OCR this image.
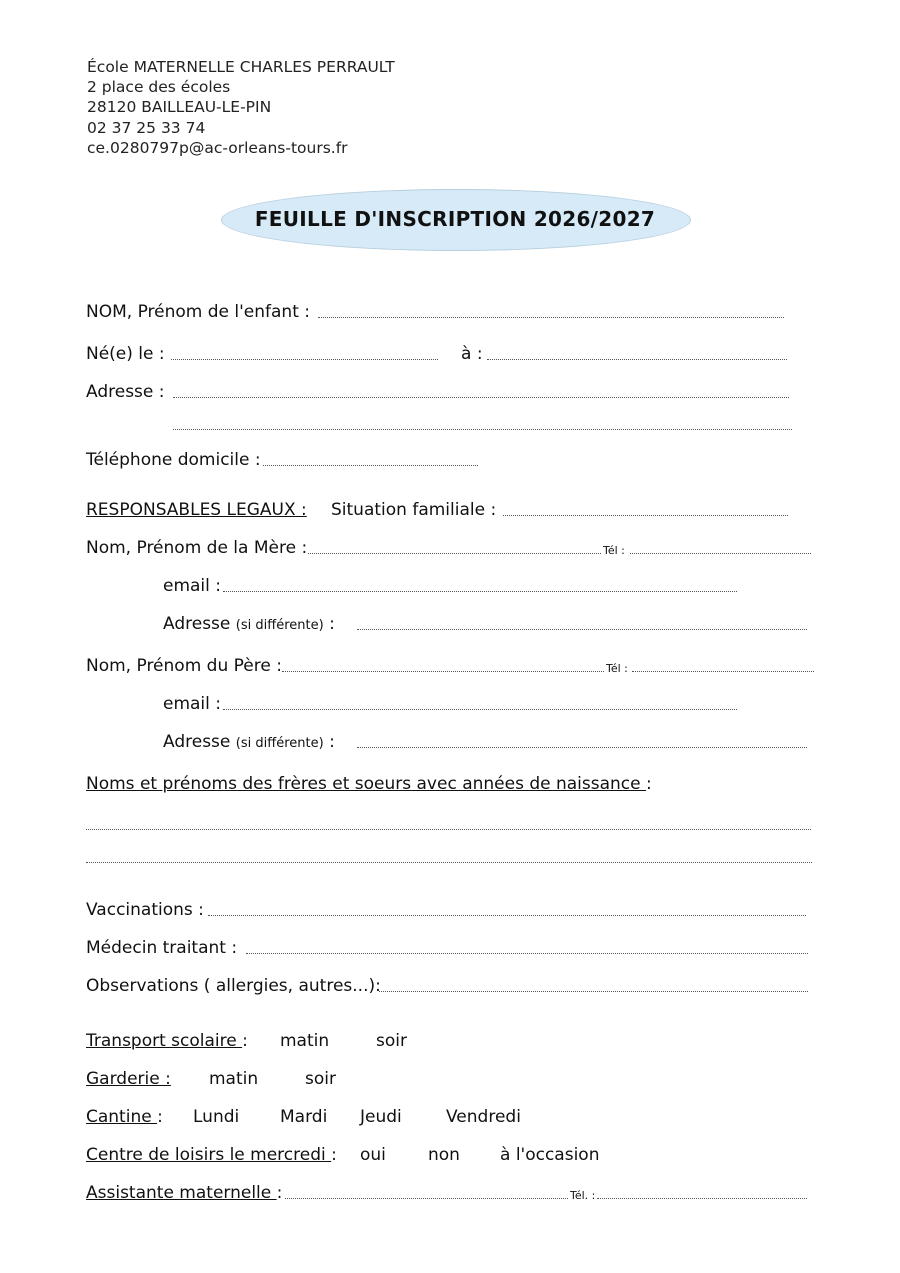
École MATERNELLE CHARLES PERRAULT
2 place des écoles
28120 BAILLEAU-LE-PIN
02 37 25 33 74
ce.0280797p@ac-orleans-tours.fr
FEUILLE D'INSCRIPTION 2026/2027
NOM, Prénom de l'enfant :
Né(e) le :	à :
Adresse :
Téléphone domicile :
RESPONSABLES LEGAUX : Situation familiale :
Nom, Prénom de la Mère :	Tél :
email :
Adresse (si différente) :
Nom, Prénom du Père :	Tél :
email :
Adresse (si différente) :
Noms et prénoms des frères et soeurs avec années de naissance :
Vaccinations :
Médecin traitant :
Observations ( allergies, autres...):
Transport scolaire : matin	soir
Garderie : matin	soir
Cantine : Lundi Mardi Jeudi	Vendredi
Centre de loisirs le mercredi : oui non à l'occasion
Assistante maternelle :	Tél. :
